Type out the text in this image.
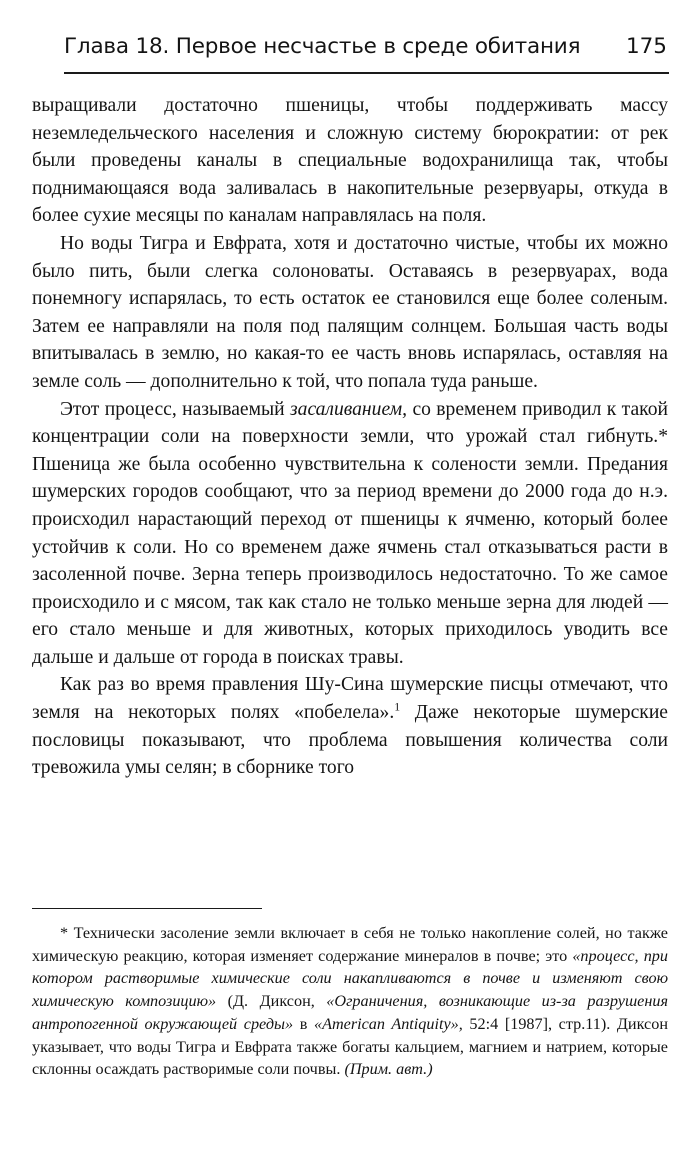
Глава 18. Первое несчастье в среде обитания 175

выращивали достаточно пшеницы, чтобы поддерживать массу неземледельческого населения и сложную систему бюрократии: от рек были проведены каналы в специальные водохранилища так, чтобы поднимающаяся вода заливалась в накопительные резервуары, откуда в более сухие месяцы по каналам направлялась на поля.

Но воды Тигра и Евфрата, хотя и достаточно чистые, чтобы их можно было пить, были слегка солоноваты. Оставаясь в резервуарах, вода понемногу испарялась, то есть остаток ее становился еще более соленым. Затем ее направляли на поля под палящим солнцем. Большая часть воды впитывалась в землю, но какая-то ее часть вновь испарялась, оставляя на земле соль — дополнительно к той, что попала туда раньше.

Этот процесс, называемый засаливанием, со временем приводил к такой концентрации соли на поверхности земли, что урожай стал гибнуть.* Пшеница же была особенно чувствительна к солености земли. Предания шумерских городов сообщают, что за период времени до 2000 года до н.э. происходил нарастающий переход от пшеницы к ячменю, который более устойчив к соли. Но со временем даже ячмень стал отказываться расти в засоленной почве. Зерна теперь производилось недостаточно. То же самое происходило и с мясом, так как стало не только меньше зерна для людей — его стало меньше и для животных, которых приходилось уводить все дальше и дальше от города в поисках травы.

Как раз во время правления Шу-Сина шумерские писцы отмечают, что земля на некоторых полях «побелела».$^1$ Даже некоторые шумерские пословицы показывают, что проблема повышения количества соли тревожила умы селян; в сборнике того

* Технически засоление земли включает в себя не только накопление солей, но также химическую реакцию, которая изменяет содержание минералов в почве; это «процесс, при котором растворимые химические соли накапливаются в почве и изменяют свою химическую композицию» (Д. Диксон, «Ограничения, возникающие из-за разрушения антропогенной окружающей среды» в «American Antiquity», 52:4 [1987], стр.11). Диксон указывает, что воды Тигра и Евфрата также богаты кальцием, магнием и натрием, которые склонны осаждать растворимые соли почвы. (Прим. авт.)
